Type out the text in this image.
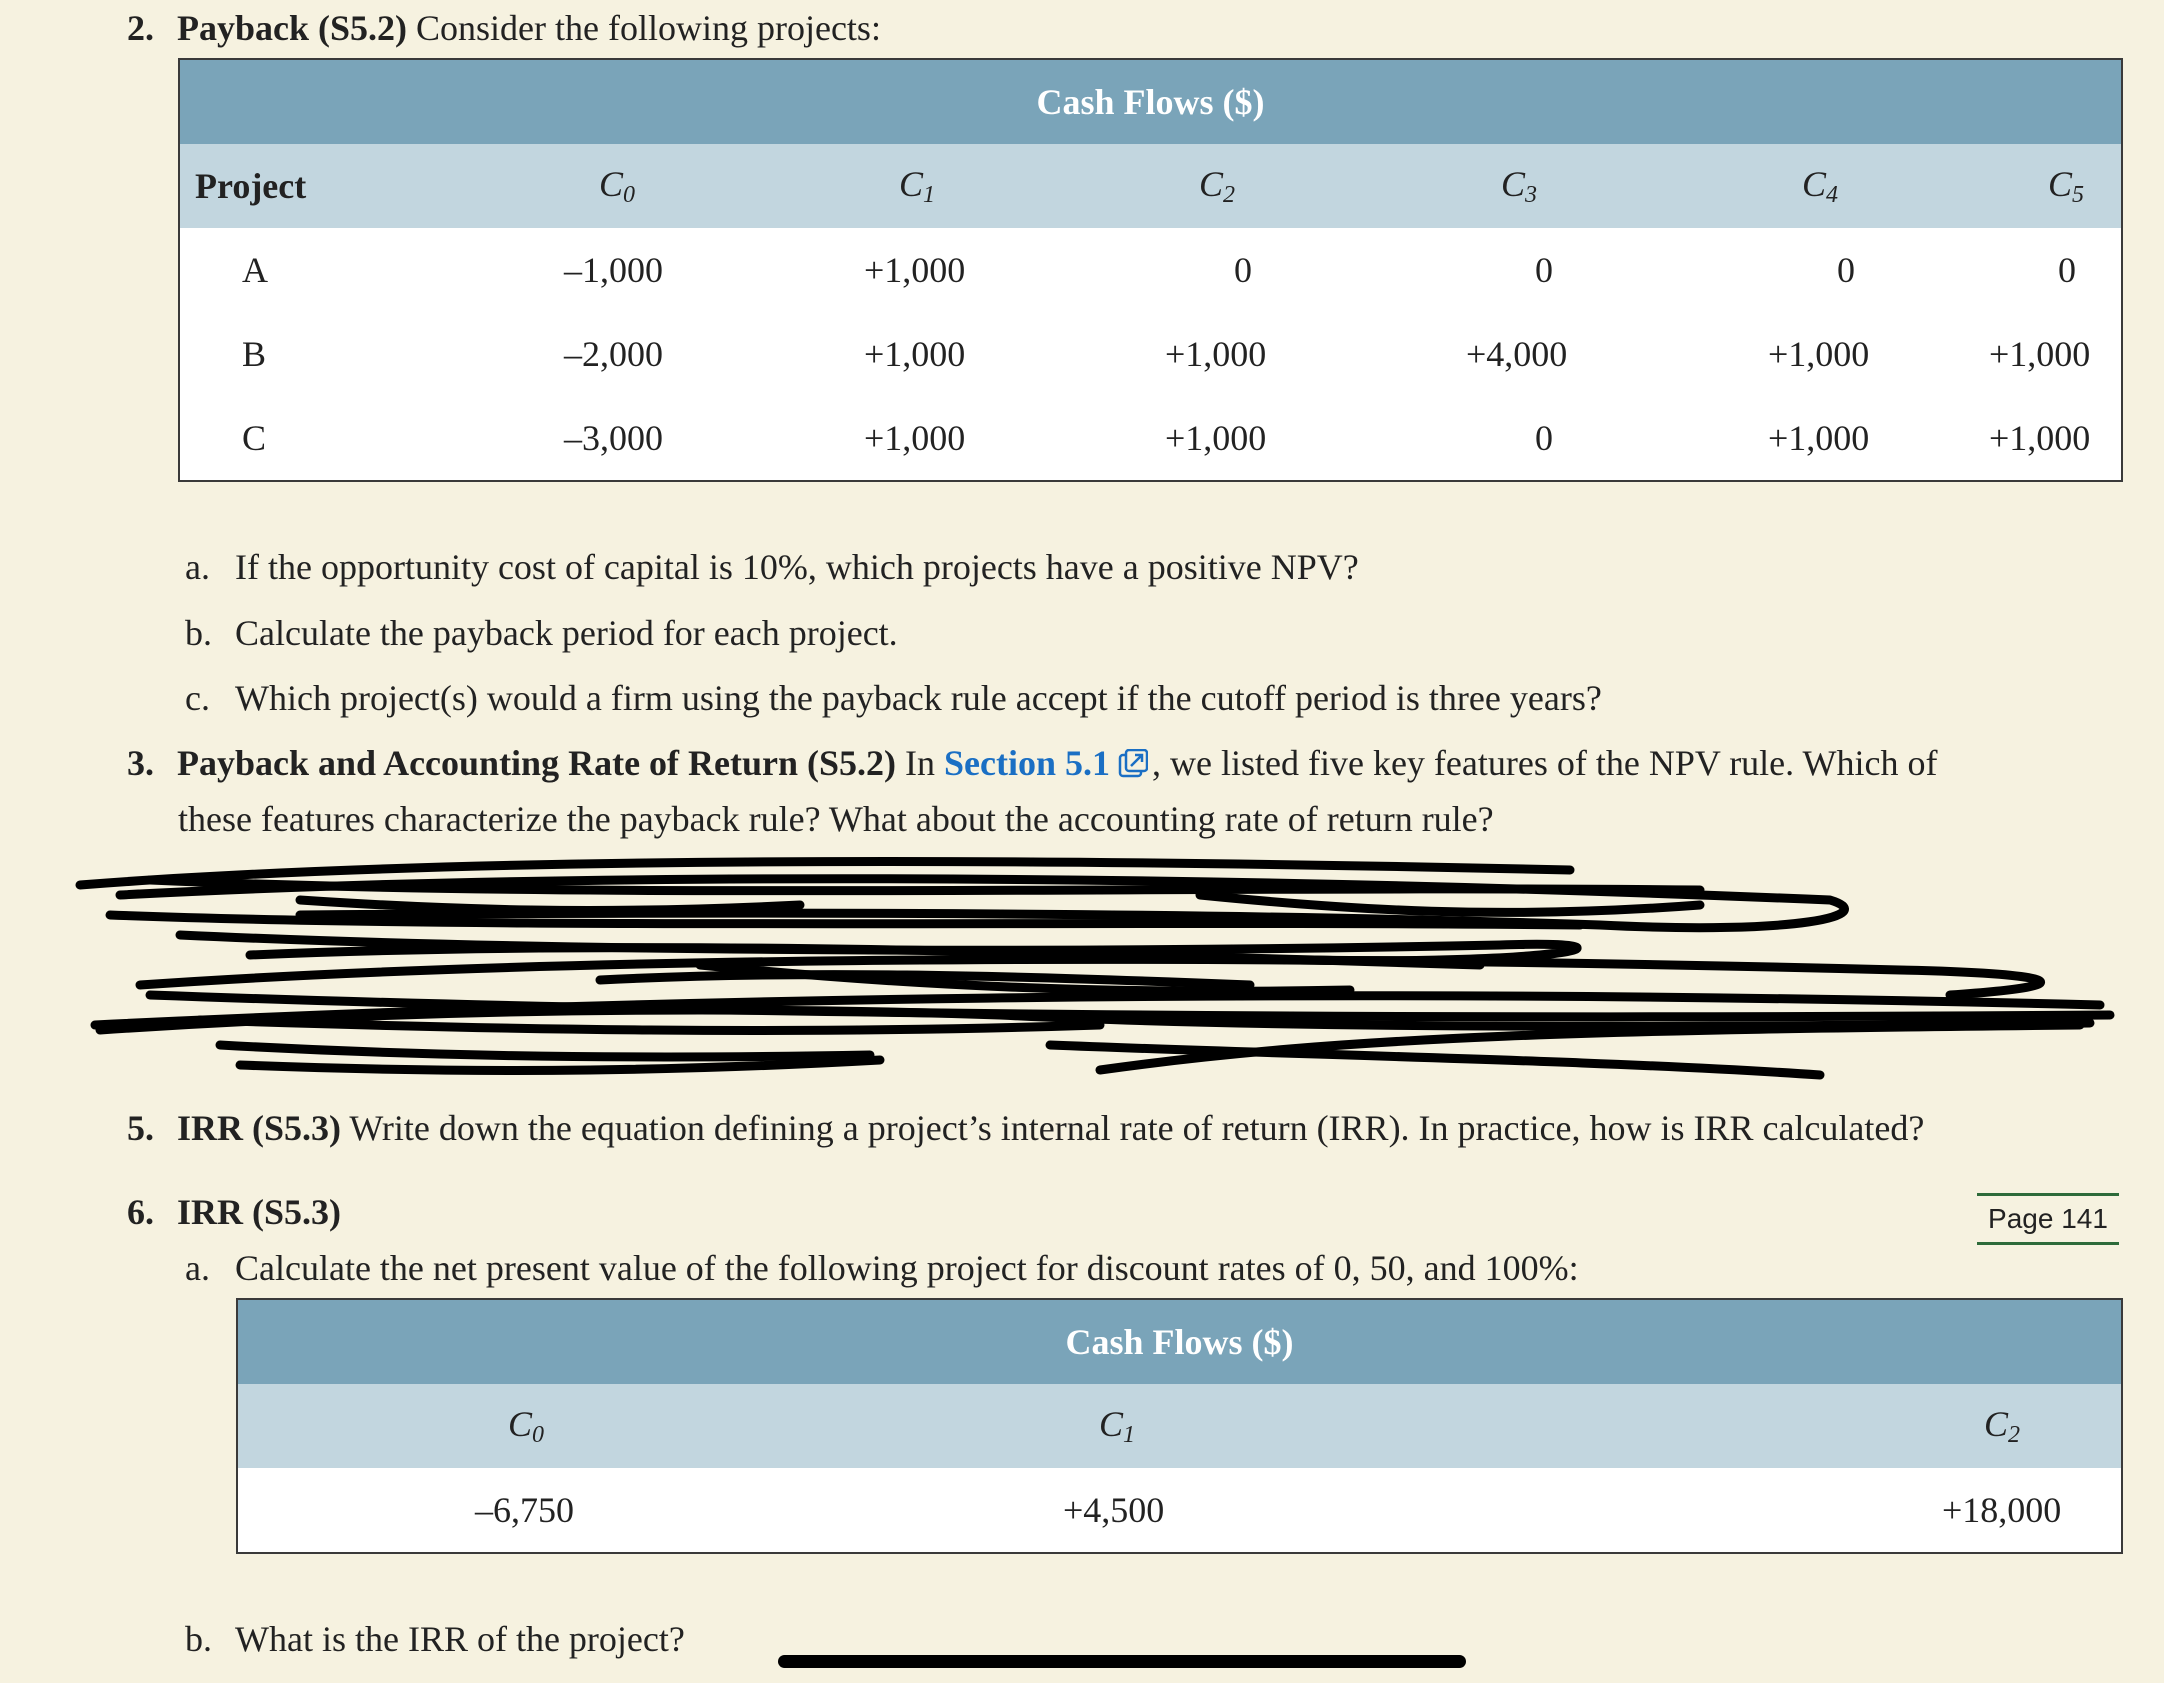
2. Payback (S5.2) Consider the following projects:
Cash Flows ($)						
Project	$C_0$	$C_1$	$C_2$	$C_3$	$C_4$	$C_5$
A	–1,000	+1,000	0	0	0	0
B	–2,000	+1,000	+1,000	+4,000	+1,000	+1,000
C	–3,000	+1,000	+1,000	0	+1,000	+1,000
a. If the opportunity cost of capital is 10%, which projects have a positive NPV?
b. Calculate the payback period for each project.
c. Which project(s) would a firm using the payback rule accept if the cutoff period is three years?
3. Payback and Accounting Rate of Return (S5.2) In Section 5.1 , we listed five key features of the NPV rule. Which of
these features characterize the payback rule? What about the accounting rate of return rule?
5. IRR (S5.3) Write down the equation defining a project’s internal rate of return (IRR). In practice, how is IRR calculated?
6. IRR (S5.3)	Page 141
a. Calculate the net present value of the following project for discount rates of 0, 50, and 100%:
Cash Flows ($)		
$C_0$	$C_1$	$C_2$
–6,750	+4,500	+18,000
b. What is the IRR of the project?
